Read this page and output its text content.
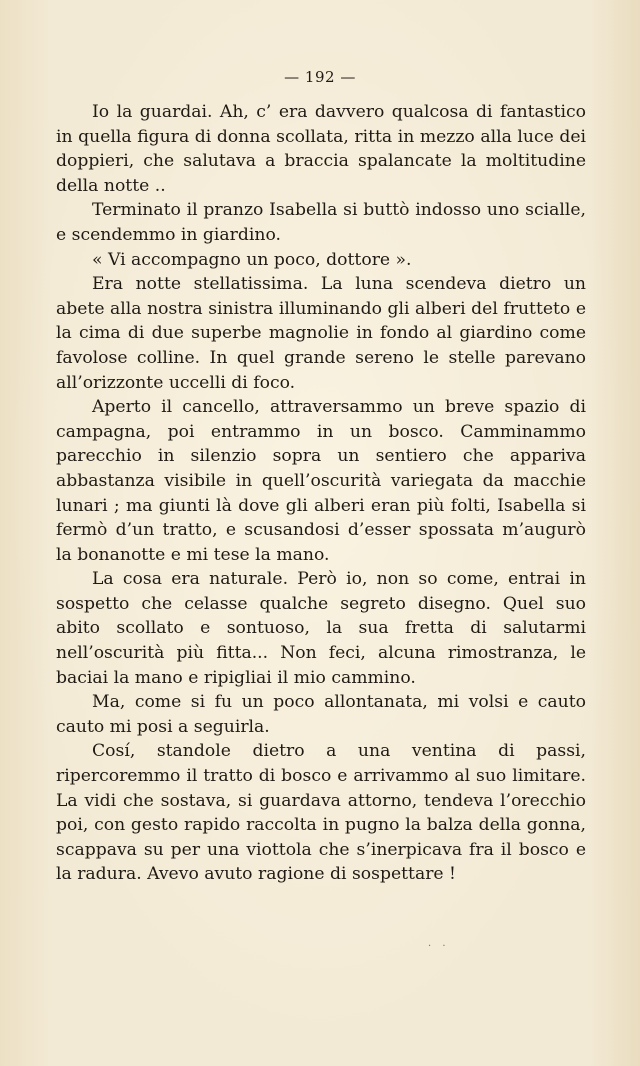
— 192 —

Io la guardai. Ah, c’ era davvero qualcosa di fantastico in quella figura di donna scollata, ritta in mezzo alla luce dei doppieri, che salutava a braccia spalancate la moltitudine della notte ..

Terminato il pranzo Isabella si buttò indosso uno scialle, e scendemmo in giardino.

« Vi accompagno un poco, dottore ».

Era notte stellatissima. La luna scendeva dietro un abete alla nostra sinistra illuminando gli alberi del frutteto e la cima di due superbe magnolie in fondo al giardino come favolose colline. In quel grande sereno le stelle parevano all’orizzonte uccelli di foco.

Aperto il cancello, attraversammo un breve spazio di campagna, poi entrammo in un bosco. Camminammo parecchio in silenzio sopra un sentiero che appariva abbastanza visibile in quell’oscurità variegata da macchie lunari ; ma giunti là dove gli alberi eran più folti, Isabella si fermò d’un tratto, e scusandosi d’esser spossata m’augurò la bonanotte e mi tese la mano.

La cosa era naturale. Però io, non so come, entrai in sospetto che celasse qualche segreto disegno. Quel suo abito scollato e sontuoso, la sua fretta di salutarmi nell’oscurità più fitta... Non feci, alcuna rimostranza, le baciai la mano e ripigliai il mio cammino.

Ma, come si fu un poco allontanata, mi volsi e cauto cauto mi posi a seguirla.

Cosí, standole dietro a una ventina di passi, ripercoremmo il tratto di bosco e arrivammo al suo limitare. La vidi che sostava, si guardava attorno, tendeva l’orecchio poi, con gesto rapido raccolta in pugno la balza della gonna, scappava su per una viottola che s’inerpicava fra il bosco e la radura. Avevo avuto ragione di sospettare !

· ·
